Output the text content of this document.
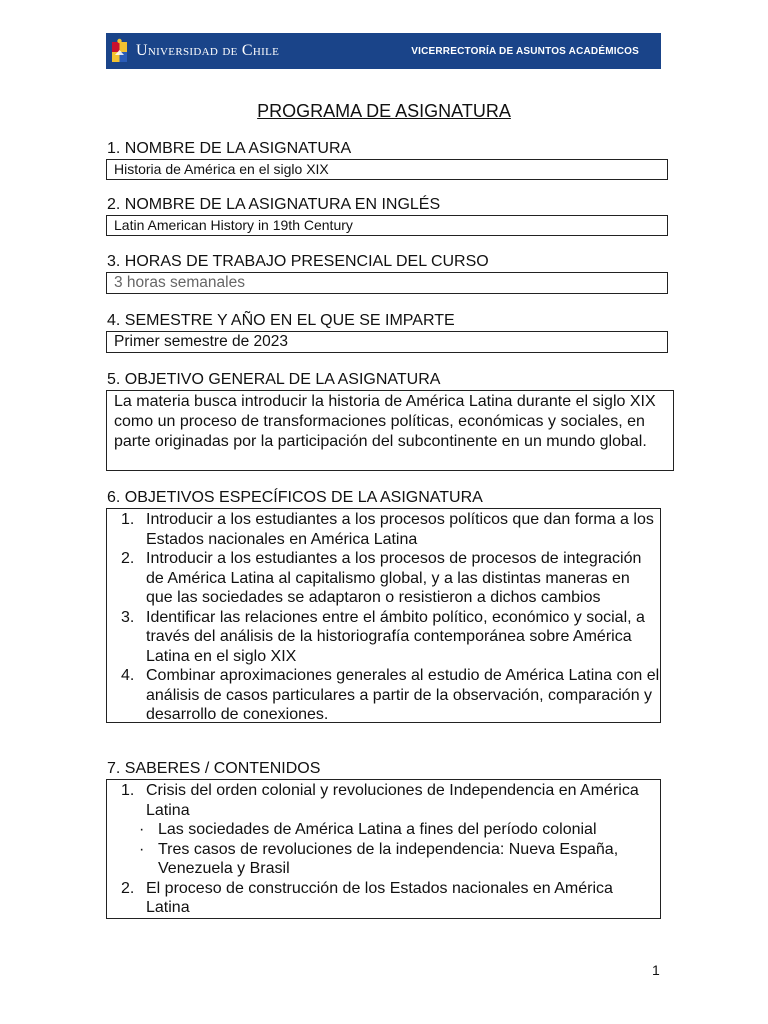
Universidad de Chile	VICERRECTORÍA DE ASUNTOS ACADÉMICOS
PROGRAMA DE ASIGNATURA
1. NOMBRE DE LA ASIGNATURA
Historia de América en el siglo XIX
2. NOMBRE DE LA ASIGNATURA EN INGLÉS
Latin American History in 19th Century
3. HORAS DE TRABAJO PRESENCIAL DEL CURSO
3 horas semanales
4. SEMESTRE Y AÑO EN EL QUE SE IMPARTE
Primer semestre de 2023
5. OBJETIVO GENERAL DE LA ASIGNATURA
La materia busca introducir la historia de América Latina durante el siglo XIX como un proceso de transformaciones políticas, económicas y sociales, en parte originadas por la participación del subcontinente en un mundo global.
6. OBJETIVOS ESPECÍFICOS DE LA ASIGNATURA
1. Introducir a los estudiantes a los procesos políticos que dan forma a los Estados nacionales en América Latina
2. Introducir a los estudiantes a los procesos de procesos de integración de América Latina al capitalismo global, y a las distintas maneras en que las sociedades se adaptaron o resistieron a dichos cambios
3. Identificar las relaciones entre el ámbito político, económico y social, a través del análisis de la historiografía contemporánea sobre América Latina en el siglo XIX
4. Combinar aproximaciones generales al estudio de América Latina con el análisis de casos particulares a partir de la observación, comparación y desarrollo de conexiones.
7. SABERES / CONTENIDOS
1. Crisis del orden colonial y revoluciones de Independencia en América Latina
· Las sociedades de América Latina a fines del período colonial
· Tres casos de revoluciones de la independencia: Nueva España, Venezuela y Brasil
2. El proceso de construcción de los Estados nacionales en América Latina
1
